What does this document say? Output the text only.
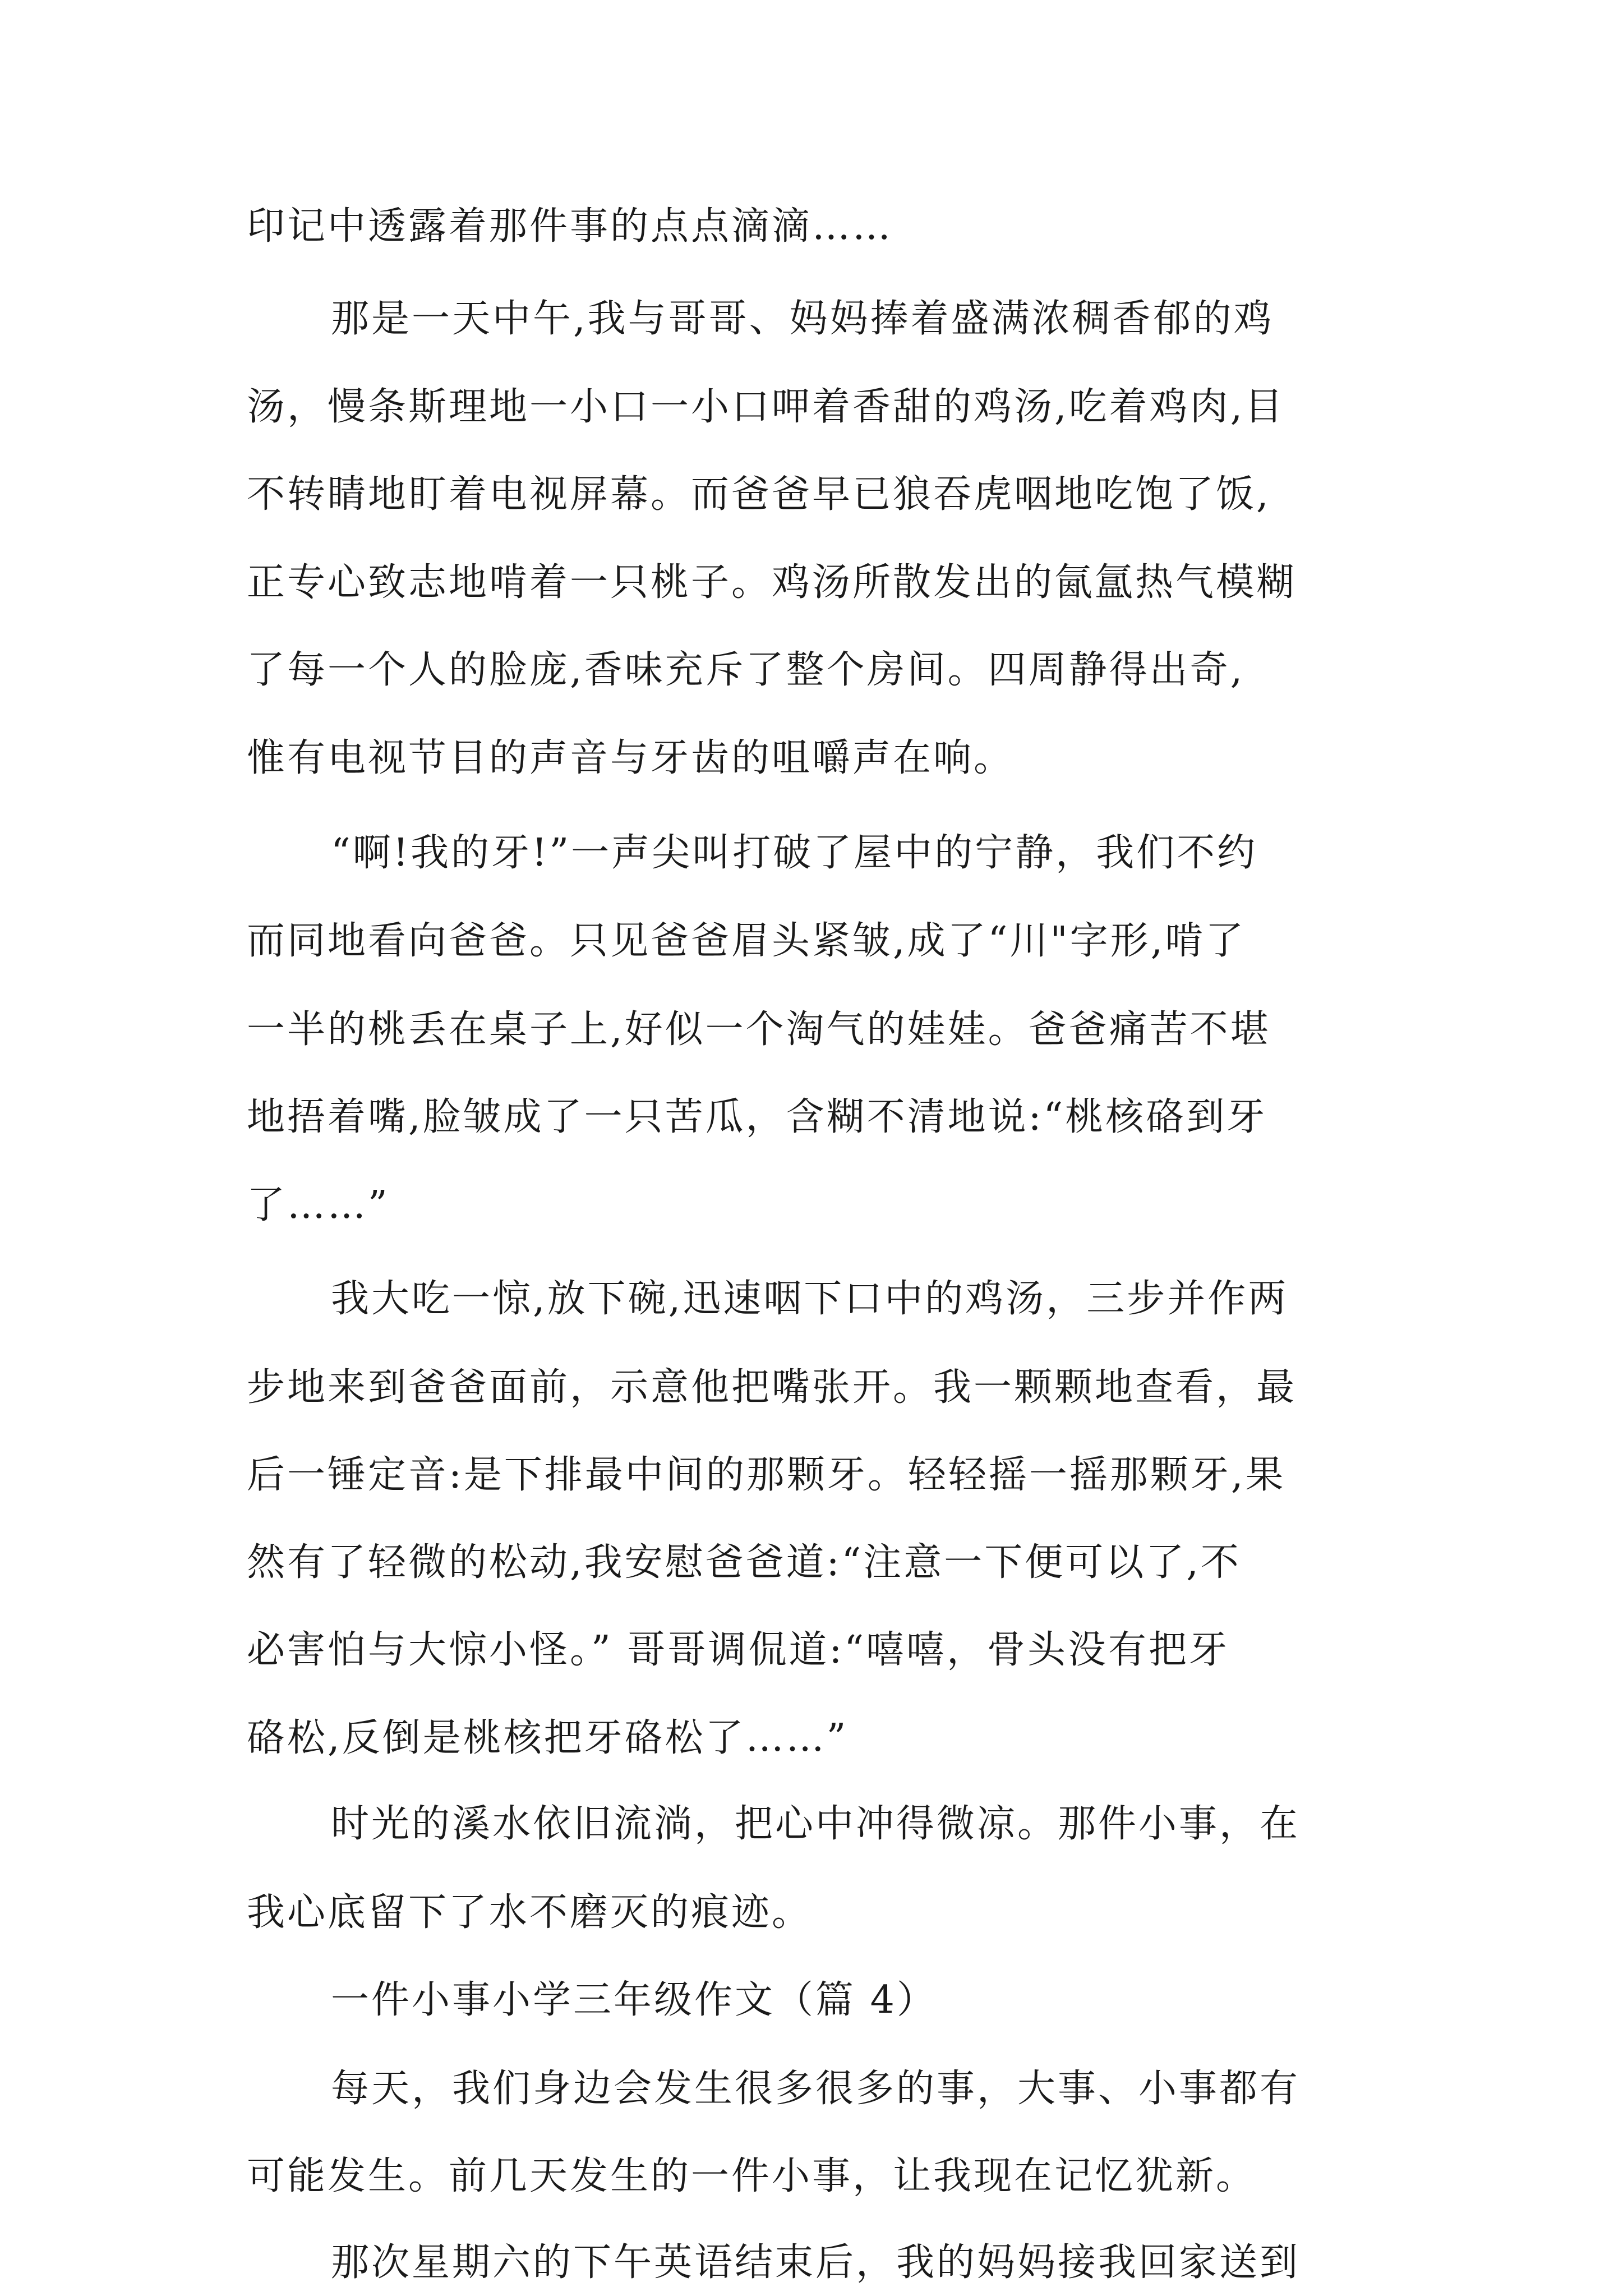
印记中透露着那件事的点点滴滴……
那是一天中午,我与哥哥、妈妈捧着盛满浓稠香郁的鸡
汤，慢条斯理地一小口一小口呷着香甜的鸡汤,吃着鸡肉,目
不转睛地盯着电视屏幕。而爸爸早已狼吞虎咽地吃饱了饭,
正专心致志地啃着一只桃子。鸡汤所散发出的氤氲热气模糊
了每一个人的脸庞,香味充斥了整个房间。四周静得出奇,
惟有电视节目的声音与牙齿的咀嚼声在响。
“啊!我的牙!”一声尖叫打破了屋中的宁静，我们不约
而同地看向爸爸。只见爸爸眉头紧皱,成了“川"字形,啃了
一半的桃丢在桌子上,好似一个淘气的娃娃。爸爸痛苦不堪
地捂着嘴,脸皱成了一只苦瓜，含糊不清地说:“桃核硌到牙
了……”
我大吃一惊,放下碗,迅速咽下口中的鸡汤，三步并作两
步地来到爸爸面前，示意他把嘴张开。我一颗颗地查看，最
后一锤定音:是下排最中间的那颗牙。轻轻摇一摇那颗牙,果
然有了轻微的松动,我安慰爸爸道:“注意一下便可以了,不
必害怕与大惊小怪。” 哥哥调侃道:“嘻嘻，骨头没有把牙
硌松,反倒是桃核把牙硌松了……”
时光的溪水依旧流淌，把心中冲得微凉。那件小事，在
我心底留下了水不磨灭的痕迹。
一件小事小学三年级作文（篇 4）
每天，我们身边会发生很多很多的事，大事、小事都有
可能发生。前几天发生的一件小事，让我现在记忆犹新。
那次星期六的下午英语结束后，我的妈妈接我回家送到
